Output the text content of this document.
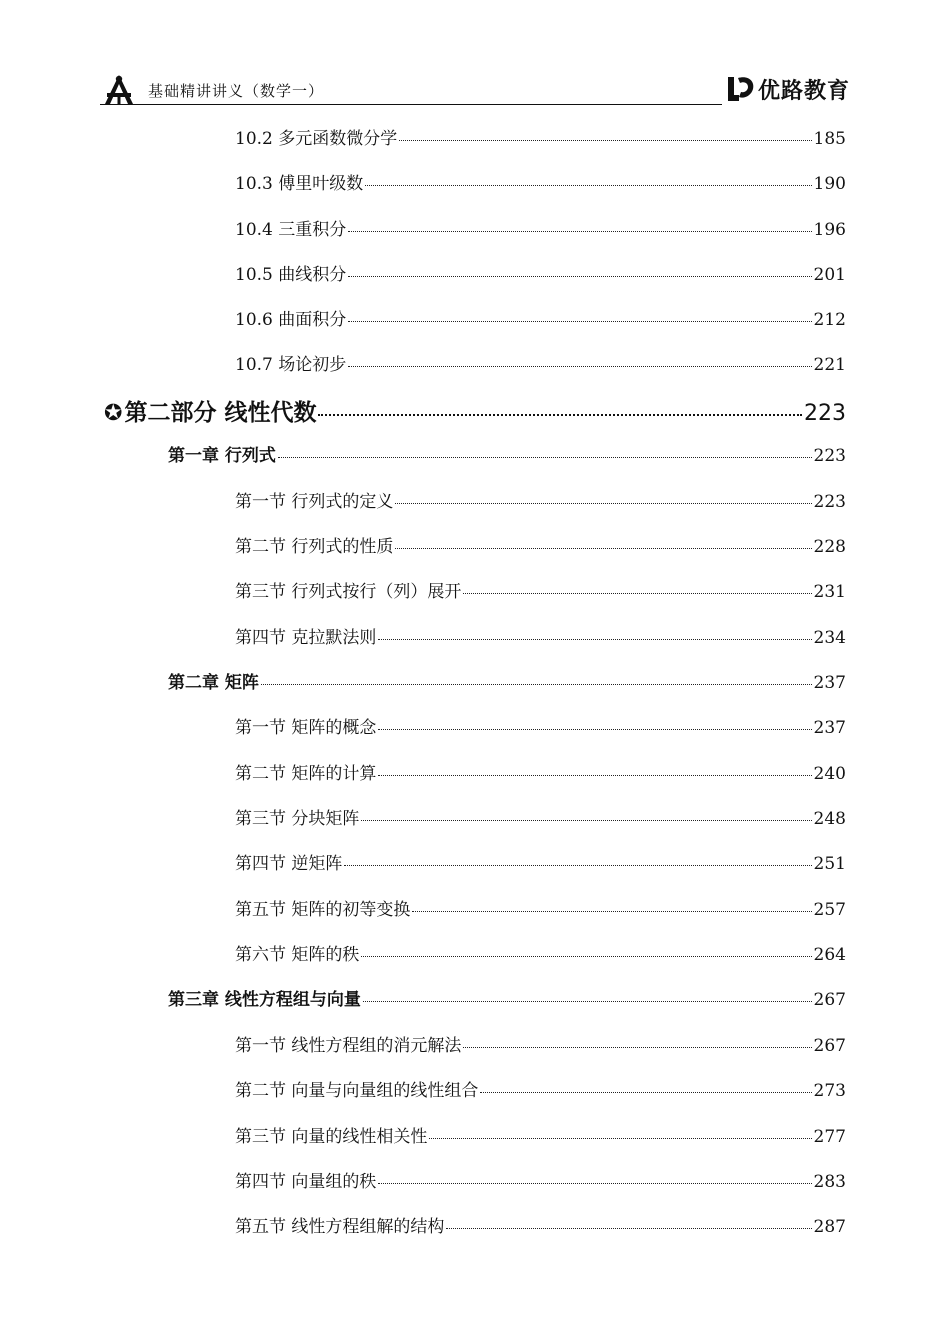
基础精讲讲义（数学一）	优路教育
10.2 多元函数微分学	185
10.3 傅里叶级数	190
10.4 三重积分	196
10.5 曲线积分	201
10.6 曲面积分	212
10.7 场论初步	221
✪第二部分 线性代数	223
第一章 行列式	223
第一节 行列式的定义	223
第二节 行列式的性质	228
第三节 行列式按行（列）展开	231
第四节 克拉默法则	234
第二章 矩阵	237
第一节 矩阵的概念	237
第二节 矩阵的计算	240
第三节 分块矩阵	248
第四节 逆矩阵	251
第五节 矩阵的初等变换	257
第六节 矩阵的秩	264
第三章 线性方程组与向量	267
第一节 线性方程组的消元解法	267
第二节 向量与向量组的线性组合	273
第三节 向量的线性相关性	277
第四节 向量组的秩	283
第五节 线性方程组解的结构	287
